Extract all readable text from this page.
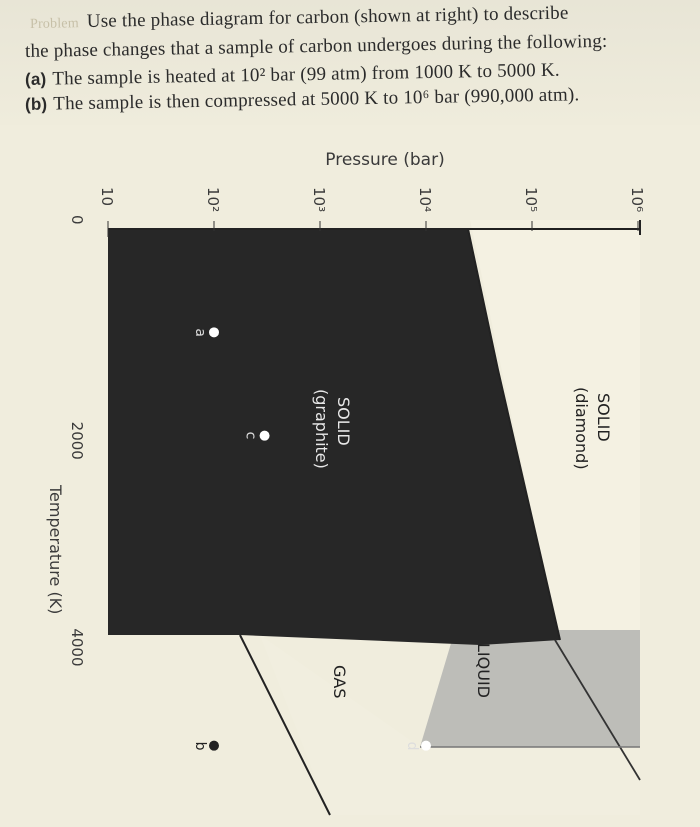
Problem Use the phase diagram for carbon (shown at right) to describe
the phase changes that a sample of carbon undergoes during the following:
(a) The sample is heated at 10² bar (99 atm) from 1000 K to 5000 K.
(b) The sample is then compressed at 5000 K to 10⁶ bar (990,000 atm).
Pressure (bar)
10	10²	10³	10⁴	10⁵	10⁶
0
2000
4000
Temperature (K)
SOLID
(diamond)
SOLID
(graphite)
LIQUID
GAS
a
b
c
d
